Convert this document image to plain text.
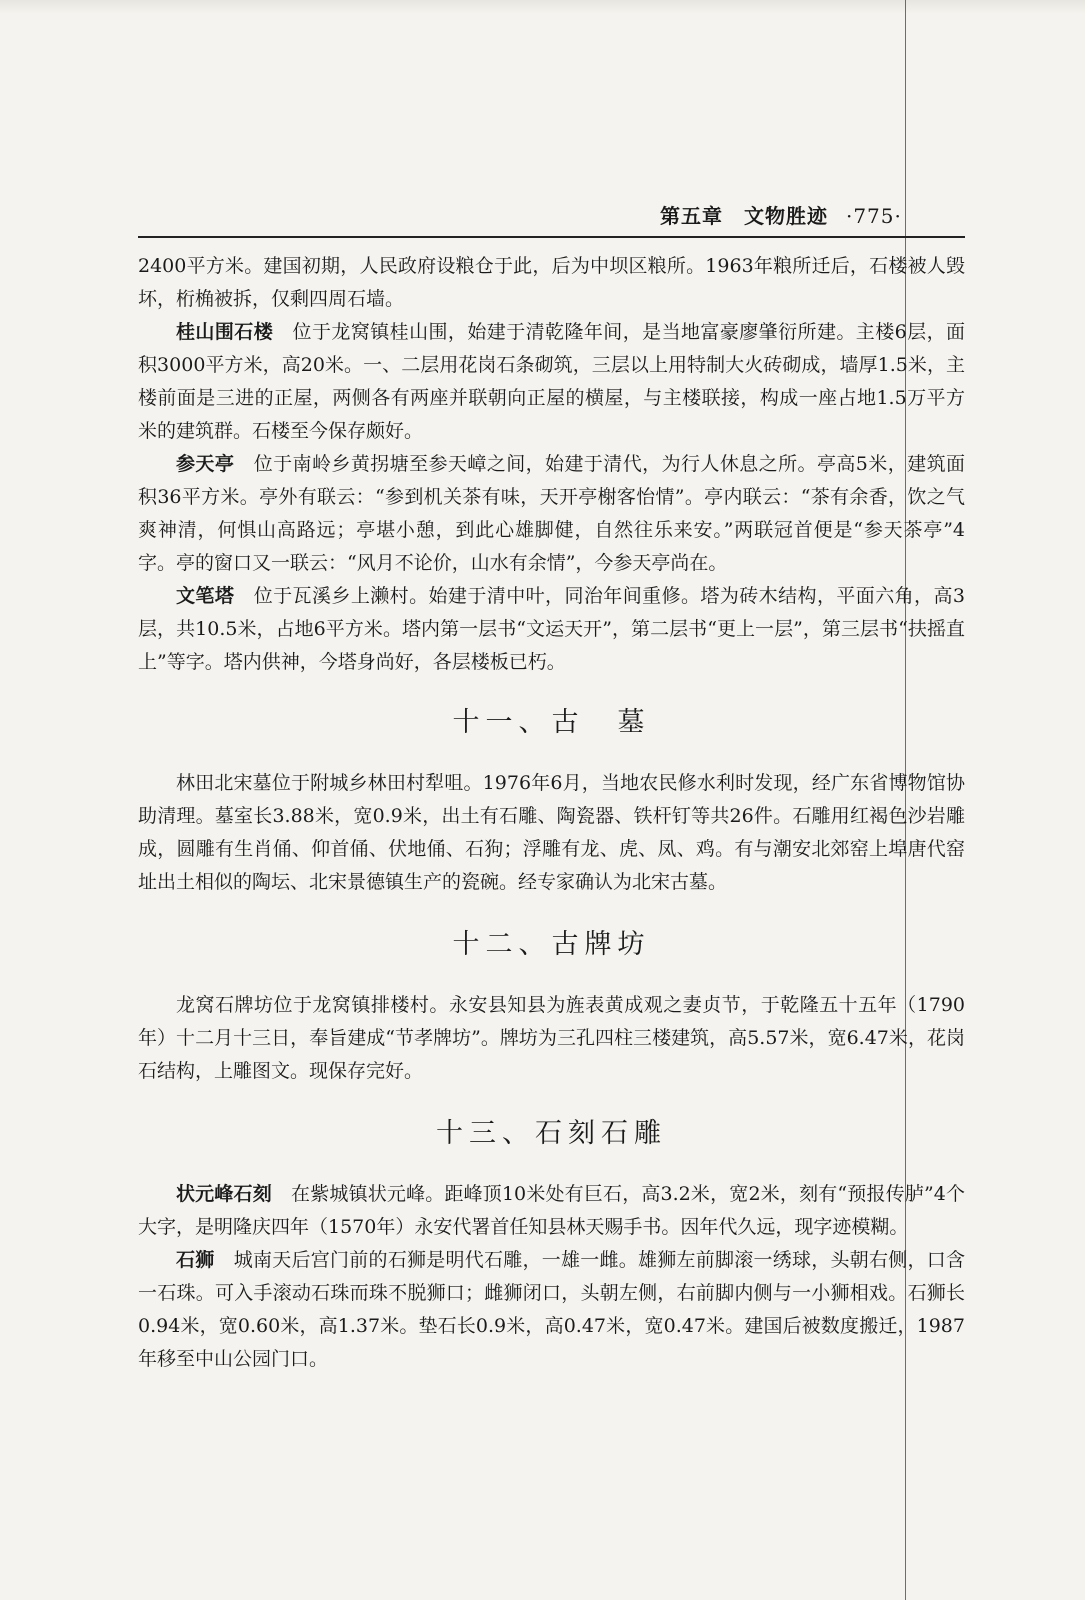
第五章　文物胜迹 ·775·

2400平方米。建国初期，人民政府设粮仓于此，后为中坝区粮所。1963年粮所迁后，石楼被人毁坏，桁桷被拆，仅剩四周石墙。

桂山围石楼　位于龙窝镇桂山围，始建于清乾隆年间，是当地富豪廖肇衍所建。主楼6层，面积3000平方米，高20米。一、二层用花岗石条砌筑，三层以上用特制大火砖砌成，墙厚1.5米，主楼前面是三进的正屋，两侧各有两座并联朝向正屋的横屋，与主楼联接，构成一座占地1.5万平方米的建筑群。石楼至今保存颇好。

参天亭　位于南岭乡黄拐塘至参天嶂之间，始建于清代，为行人休息之所。亭高5米，建筑面积36平方米。亭外有联云：“参到机关茶有味，天开亭榭客怡情”。亭内联云：“茶有余香，饮之气爽神清，何惧山高路远；亭堪小憩，到此心雄脚健，自然往乐来安。”两联冠首便是“参天茶亭”4字。亭的窗口又一联云：“风月不论价，山水有余情”，今参天亭尚在。

文笔塔　位于瓦溪乡上濑村。始建于清中叶，同治年间重修。塔为砖木结构，平面六角，高3层，共10.5米，占地6平方米。塔内第一层书“文运天开”，第二层书“更上一层”，第三层书“扶摇直上”等字。塔内供神，今塔身尚好，各层楼板已朽。

十一、古　墓

林田北宋墓位于附城乡林田村犁咀。1976年6月，当地农民修水利时发现，经广东省博物馆协助清理。墓室长3.88米，宽0.9米，出土有石雕、陶瓷器、铁杆钉等共26件。石雕用红褐色沙岩雕成，圆雕有生肖俑、仰首俑、伏地俑、石狗；浮雕有龙、虎、凤、鸡。有与潮安北郊窑上埠唐代窑址出土相似的陶坛、北宋景德镇生产的瓷碗。经专家确认为北宋古墓。

十二、古牌坊

龙窝石牌坊位于龙窝镇排楼村。永安县知县为旌表黄成观之妻贞节，于乾隆五十五年（1790年）十二月十三日，奉旨建成“节孝牌坊”。牌坊为三孔四柱三楼建筑，高5.57米，宽6.47米，花岗石结构，上雕图文。现保存完好。

十三、石刻石雕

状元峰石刻　在紫城镇状元峰。距峰顶10米处有巨石，高3.2米，宽2米，刻有“预报传胪”4个大字，是明隆庆四年（1570年）永安代署首任知县林天赐手书。因年代久远，现字迹模糊。

石狮　城南天后宫门前的石狮是明代石雕，一雄一雌。雄狮左前脚滚一绣球，头朝右侧，口含一石珠。可入手滚动石珠而珠不脱狮口；雌狮闭口，头朝左侧，右前脚内侧与一小狮相戏。石狮长0.94米，宽0.60米，高1.37米。垫石长0.9米，高0.47米，宽0.47米。建国后被数度搬迁，1987年移至中山公园门口。
